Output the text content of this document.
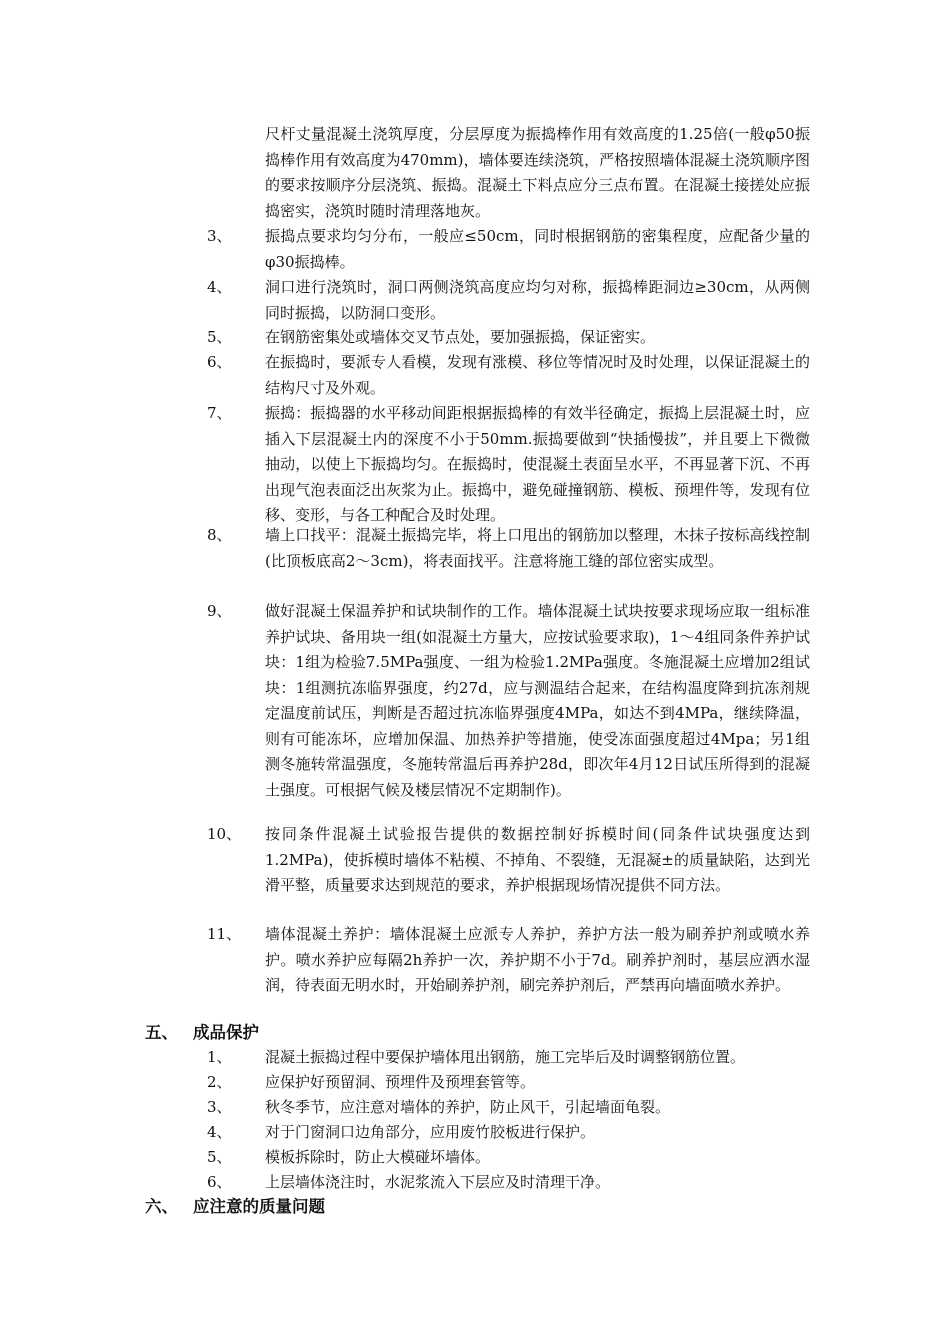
尺杆丈量混凝土浇筑厚度，分层厚度为振捣棒作用有效高度的1.25倍(一般φ50振捣棒作用有效高度为470mm)，墙体要连续浇筑，严格按照墙体混凝土浇筑顺序图的要求按顺序分层浇筑、振捣。混凝土下料点应分三点布置。在混凝土接搓处应振捣密实，浇筑时随时清理落地灰。
3、	振捣点要求均匀分布，一般应≤50cm，同时根据钢筋的密集程度，应配备少量的φ30振捣棒。
4、	洞口进行浇筑时，洞口两侧浇筑高度应均匀对称，振捣棒距洞边≥30cm，从两侧同时振捣，以防洞口变形。
5、	在钢筋密集处或墙体交叉节点处，要加强振捣，保证密实。
6、	在振捣时，要派专人看模，发现有涨模、移位等情况时及时处理，以保证混凝土的结构尺寸及外观。
7、	振捣：振捣器的水平移动间距根据振捣棒的有效半径确定，振捣上层混凝土时，应插入下层混凝土内的深度不小于50mm.振捣要做到“快插慢拔”，并且要上下微微抽动，以使上下振捣均匀。在振捣时，使混凝土表面呈水平，不再显著下沉、不再出现气泡表面泛出灰浆为止。振捣中，避免碰撞钢筋、模板、预埋件等，发现有位移、变形，与各工种配合及时处理。
8、	墙上口找平：混凝土振捣完毕，将上口甩出的钢筋加以整理，木抹子按标高线控制(比顶板底高2～3cm)，将表面找平。注意将施工缝的部位密实成型。
9、	做好混凝土保温养护和试块制作的工作。墙体混凝土试块按要求现场应取一组标准养护试块、备用块一组(如混凝土方量大，应按试验要求取)，1～4组同条件养护试块：1组为检验7.5MPa强度、一组为检验1.2MPa强度。冬施混凝土应增加2组试块：1组测抗冻临界强度，约27d，应与测温结合起来，在结构温度降到抗冻剂规定温度前试压，判断是否超过抗冻临界强度4MPa，如达不到4MPa，继续降温，则有可能冻坏，应增加保温、加热养护等措施，使受冻面强度超过4Mpa；另1组测冬施转常温强度，冬施转常温后再养护28d，即次年4月12日试压所得到的混凝土强度。可根据气候及楼层情况不定期制作)。
10、	按同条件混凝土试验报告提供的数据控制好拆模时间(同条件试块强度达到1.2MPa)，使拆模时墙体不粘模、不掉角、不裂缝，无混凝±的质量缺陷，达到光滑平整，质量要求达到规范的要求，养护根据现场情况提供不同方法。
11、	墙体混凝土养护：墙体混凝土应派专人养护，养护方法一般为刷养护剂或喷水养护。喷水养护应每隔2h养护一次，养护期不小于7d。刷养护剂时，基层应洒水湿润，待表面无明水时，开始刷养护剂，刷完养护剂后，严禁再向墙面喷水养护。
五、 成品保护
1、	混凝土振捣过程中要保护墙体甩出钢筋，施工完毕后及时调整钢筋位置。
2、	应保护好预留洞、预埋件及预埋套管等。
3、	秋冬季节，应注意对墙体的养护，防止风干，引起墙面龟裂。
4、	对于门窗洞口边角部分，应用废竹胶板进行保护。
5、	模板拆除时，防止大模碰坏墙体。
6、	上层墙体浇注时，水泥浆流入下层应及时清理干净。
六、 应注意的质量问题
